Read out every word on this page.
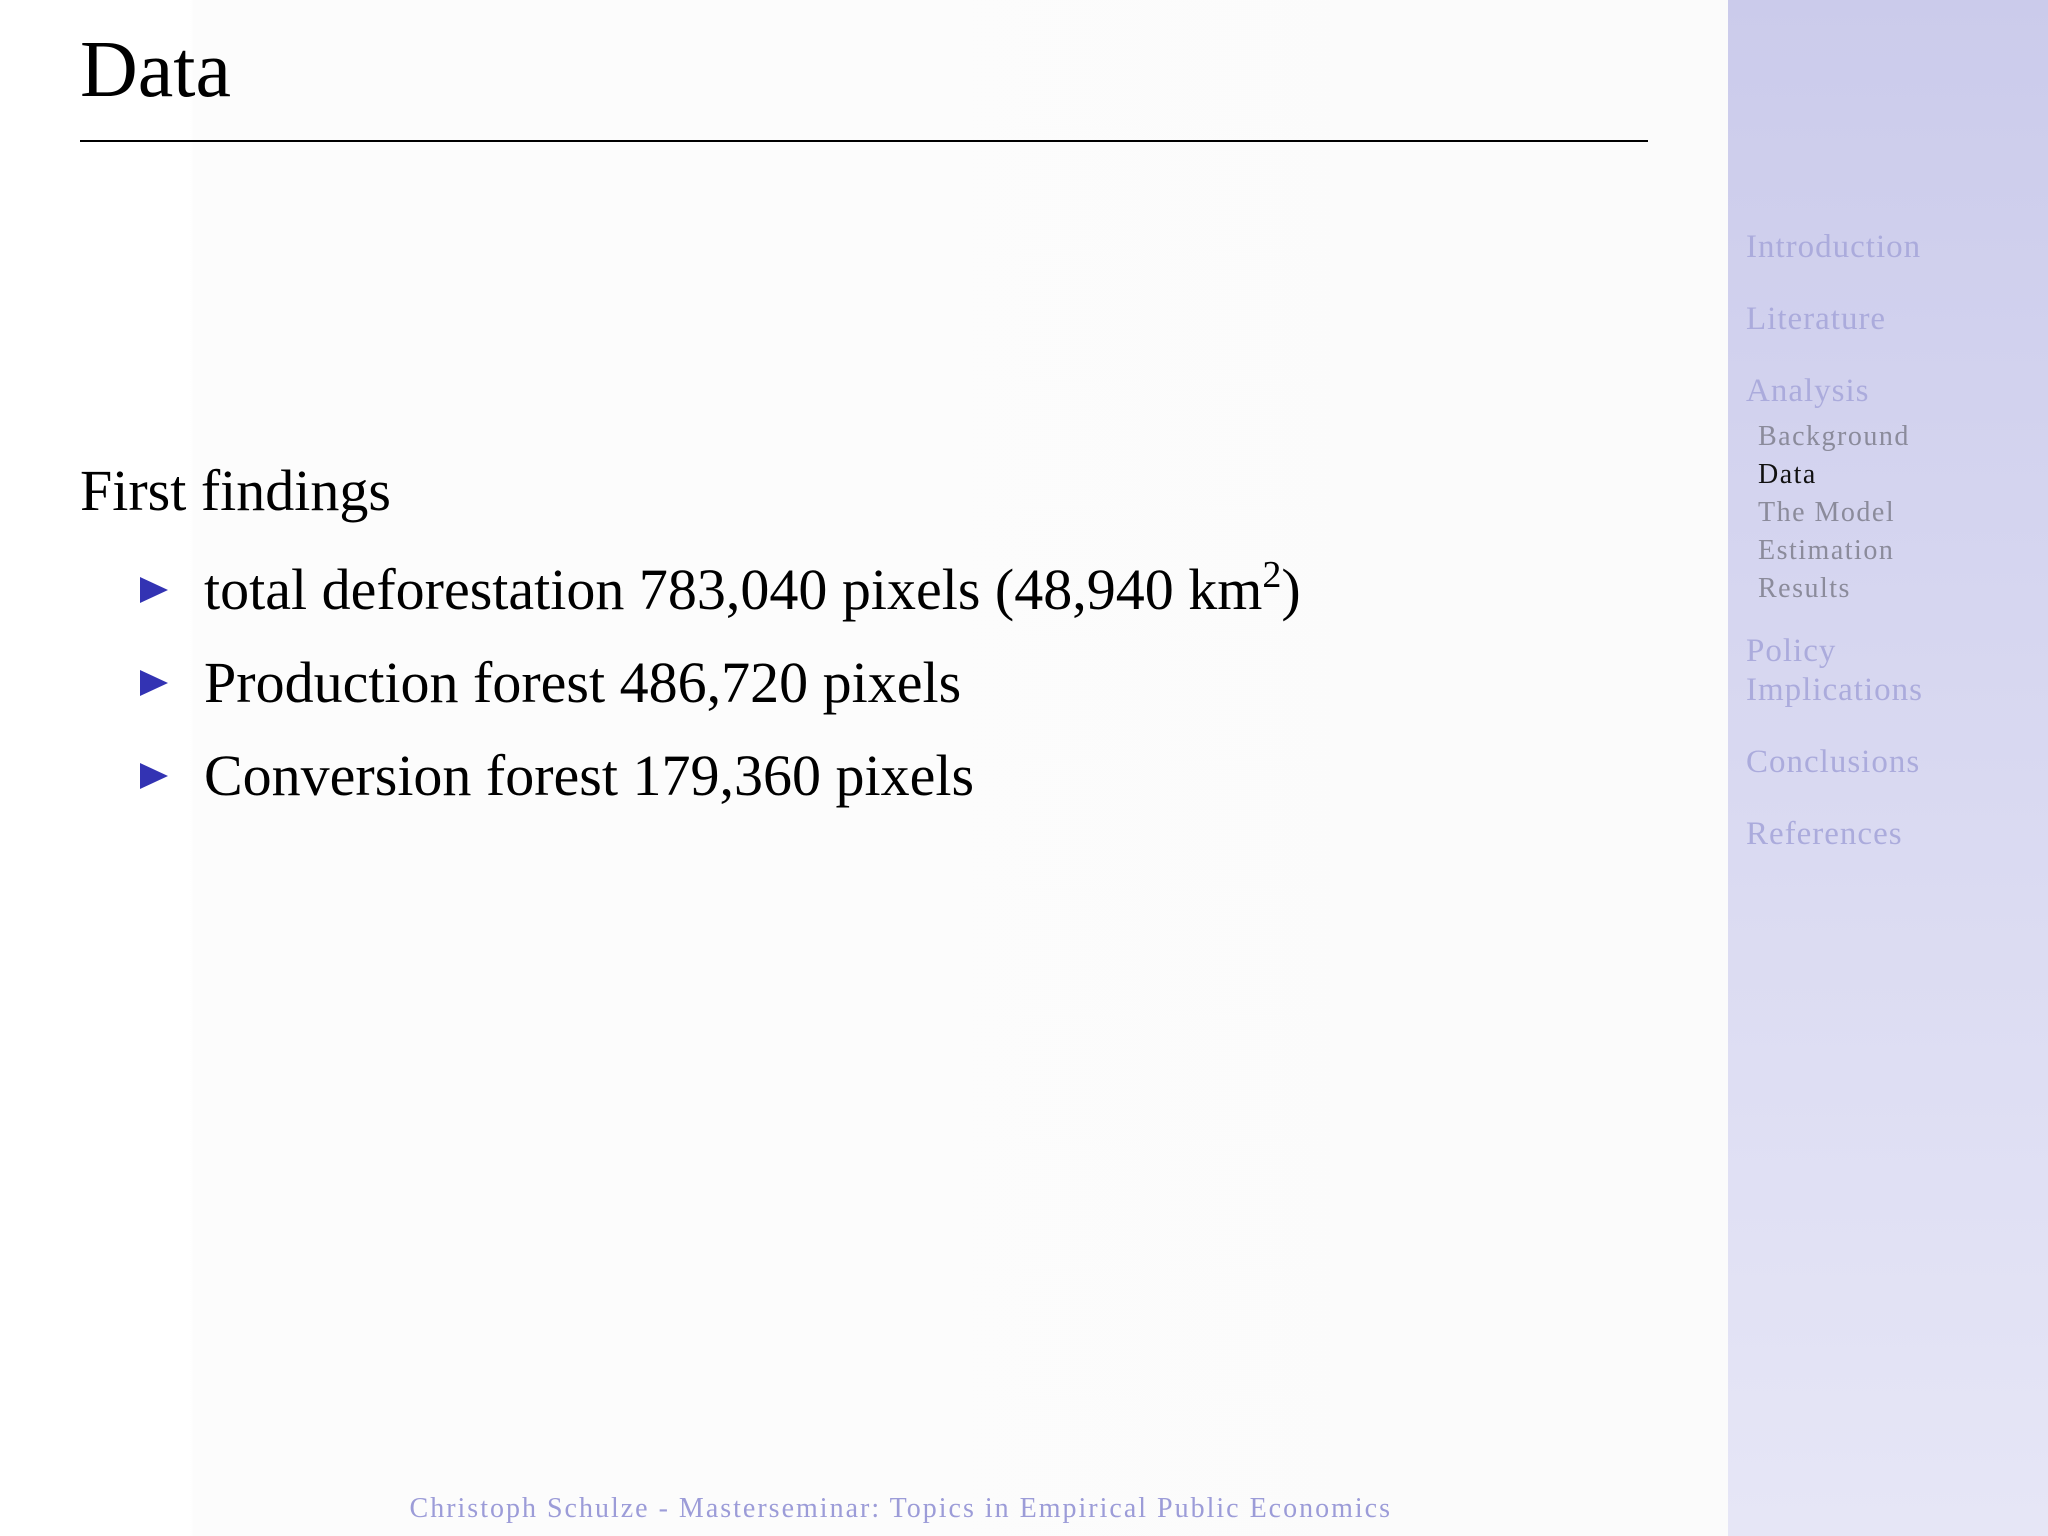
Data
First findings
total deforestation 783,040 pixels (48,940 $km^2$)
Production forest 486,720 pixels
Conversion forest 179,360 pixels
Christoph Schulze - Masterseminar: Topics in Empirical Public Economics
Introduction
Literature
Analysis
Background
Data
The Model
Estimation
Results
Policy
Implications
Conclusions
References
